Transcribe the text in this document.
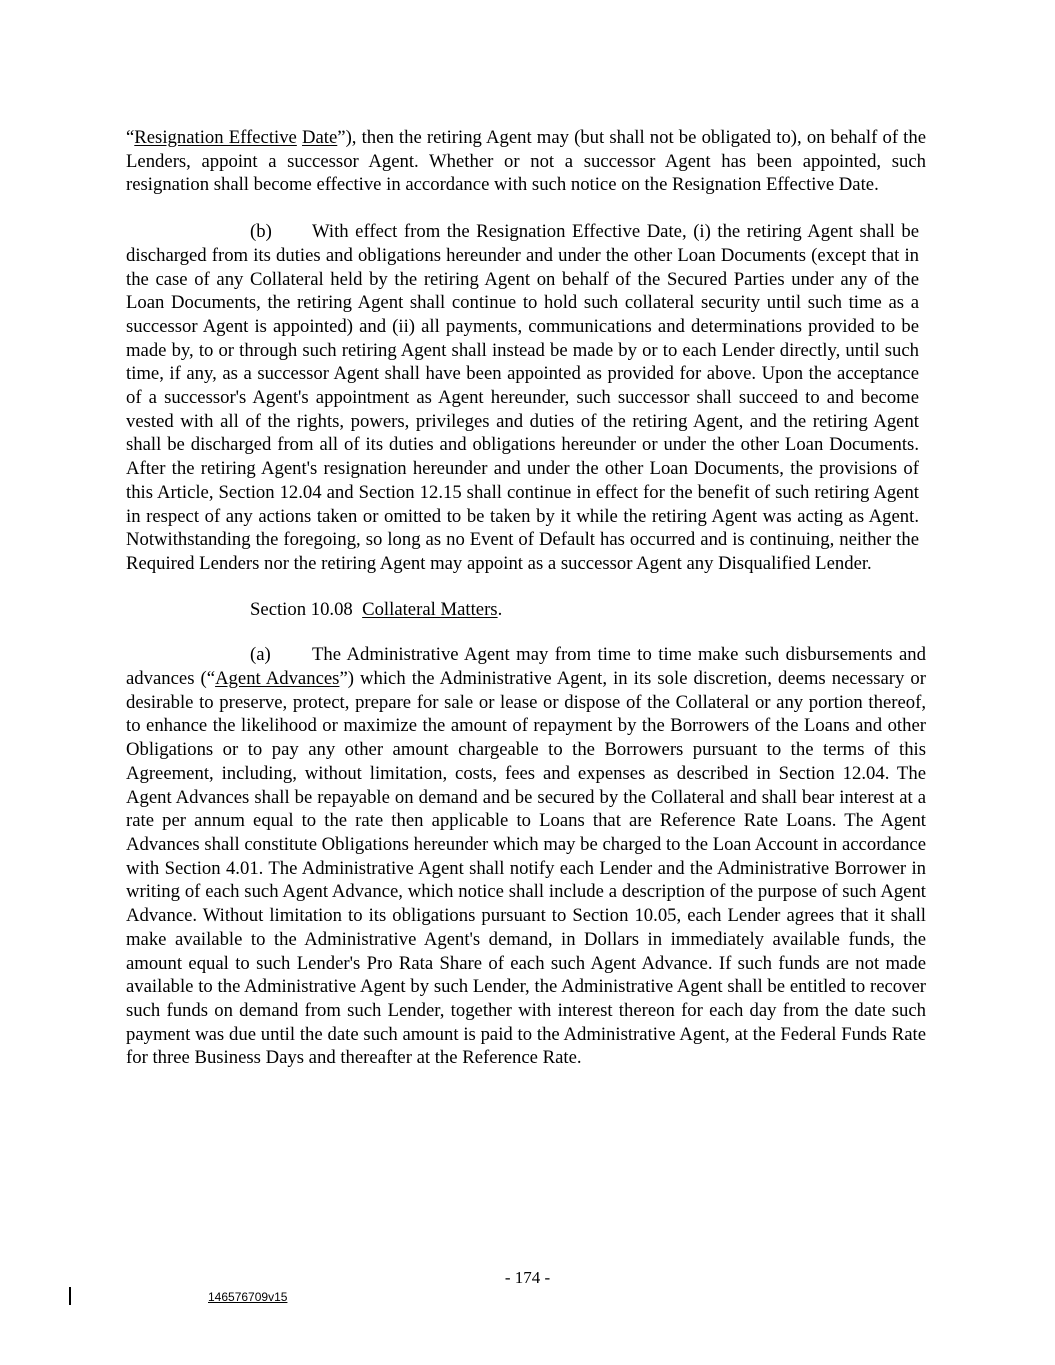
“Resignation Effective Date”), then the retiring Agent may (but shall not be obligated to), on behalf of the Lenders, appoint a successor Agent. Whether or not a successor Agent has been appointed, such resignation shall become effective in accordance with such notice on the Resignation Effective Date.

(b) With effect from the Resignation Effective Date, (i) the retiring Agent shall be discharged from its duties and obligations hereunder and under the other Loan Documents (except that in the case of any Collateral held by the retiring Agent on behalf of the Secured Parties under any of the Loan Documents, the retiring Agent shall continue to hold such collateral security until such time as a successor Agent is appointed) and (ii) all payments, communications and determinations provided to be made by, to or through such retiring Agent shall instead be made by or to each Lender directly, until such time, if any, as a successor Agent shall have been appointed as provided for above. Upon the acceptance of a successor's Agent's appointment as Agent hereunder, such successor shall succeed to and become vested with all of the rights, powers, privileges and duties of the retiring Agent, and the retiring Agent shall be discharged from all of its duties and obligations hereunder or under the other Loan Documents. After the retiring Agent's resignation hereunder and under the other Loan Documents, the provisions of this Article, Section 12.04 and Section 12.15 shall continue in effect for the benefit of such retiring Agent in respect of any actions taken or omitted to be taken by it while the retiring Agent was acting as Agent. Notwithstanding the foregoing, so long as no Event of Default has occurred and is continuing, neither the Required Lenders nor the retiring Agent may appoint as a successor Agent any Disqualified Lender.

Section 10.08 Collateral Matters.

(a) The Administrative Agent may from time to time make such disbursements and advances (“Agent Advances”) which the Administrative Agent, in its sole discretion, deems necessary or desirable to preserve, protect, prepare for sale or lease or dispose of the Collateral or any portion thereof, to enhance the likelihood or maximize the amount of repayment by the Borrowers of the Loans and other Obligations or to pay any other amount chargeable to the Borrowers pursuant to the terms of this Agreement, including, without limitation, costs, fees and expenses as described in Section 12.04. The Agent Advances shall be repayable on demand and be secured by the Collateral and shall bear interest at a rate per annum equal to the rate then applicable to Loans that are Reference Rate Loans. The Agent Advances shall constitute Obligations hereunder which may be charged to the Loan Account in accordance with Section 4.01. The Administrative Agent shall notify each Lender and the Administrative Borrower in writing of each such Agent Advance, which notice shall include a description of the purpose of such Agent Advance. Without limitation to its obligations pursuant to Section 10.05, each Lender agrees that it shall make available to the Administrative Agent's demand, in Dollars in immediately available funds, the amount equal to such Lender's Pro Rata Share of each such Agent Advance. If such funds are not made available to the Administrative Agent by such Lender, the Administrative Agent shall be entitled to recover such funds on demand from such Lender, together with interest thereon for each day from the date such payment was due until the date such amount is paid to the Administrative Agent, at the Federal Funds Rate for three Business Days and thereafter at the Reference Rate.

- 174 -
146576709v15
